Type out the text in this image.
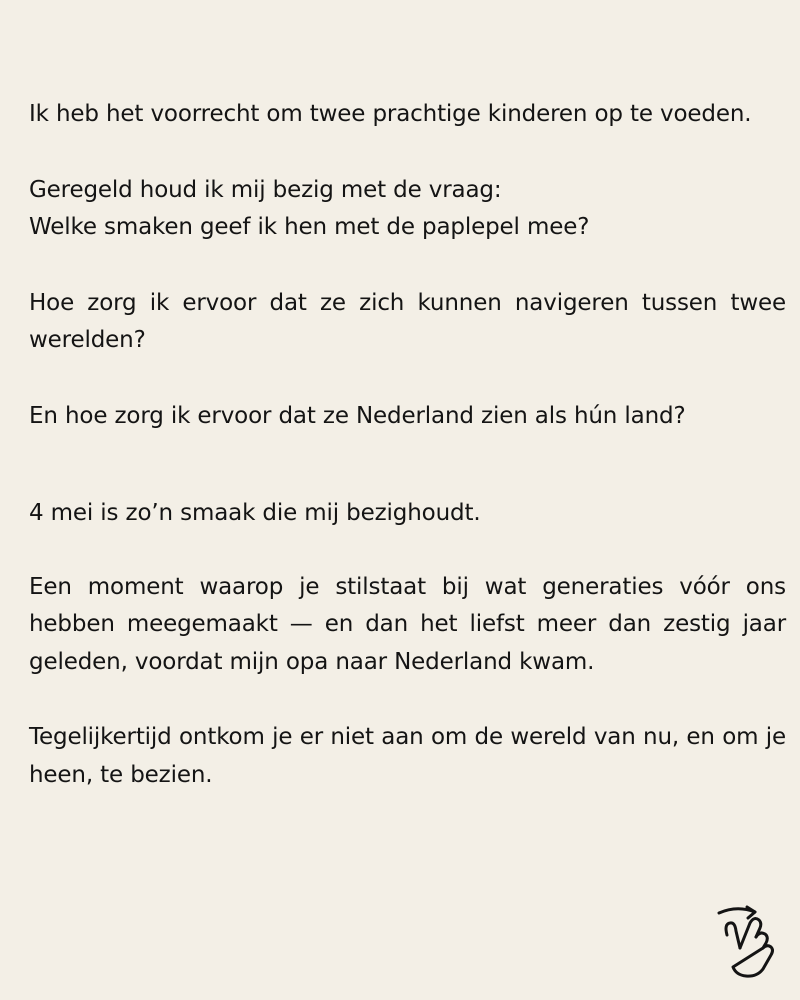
Ik heb het voorrecht om twee prachtige kinderen op te voeden.

Geregeld houd ik mij bezig met de vraag:
Welke smaken geef ik hen met de paplepel mee?

Hoe zorg ik ervoor dat ze zich kunnen navigeren tussen twee werelden?

En hoe zorg ik ervoor dat ze Nederland zien als hún land?

4 mei is zo’n smaak die mij bezighoudt.

Een moment waarop je stilstaat bij wat generaties vóór ons hebben meegemaakt — en dan het liefst meer dan zestig jaar geleden, voordat mijn opa naar Nederland kwam.

Tegelijkertijd ontkom je er niet aan om de wereld van nu, en om je heen, te bezien.
